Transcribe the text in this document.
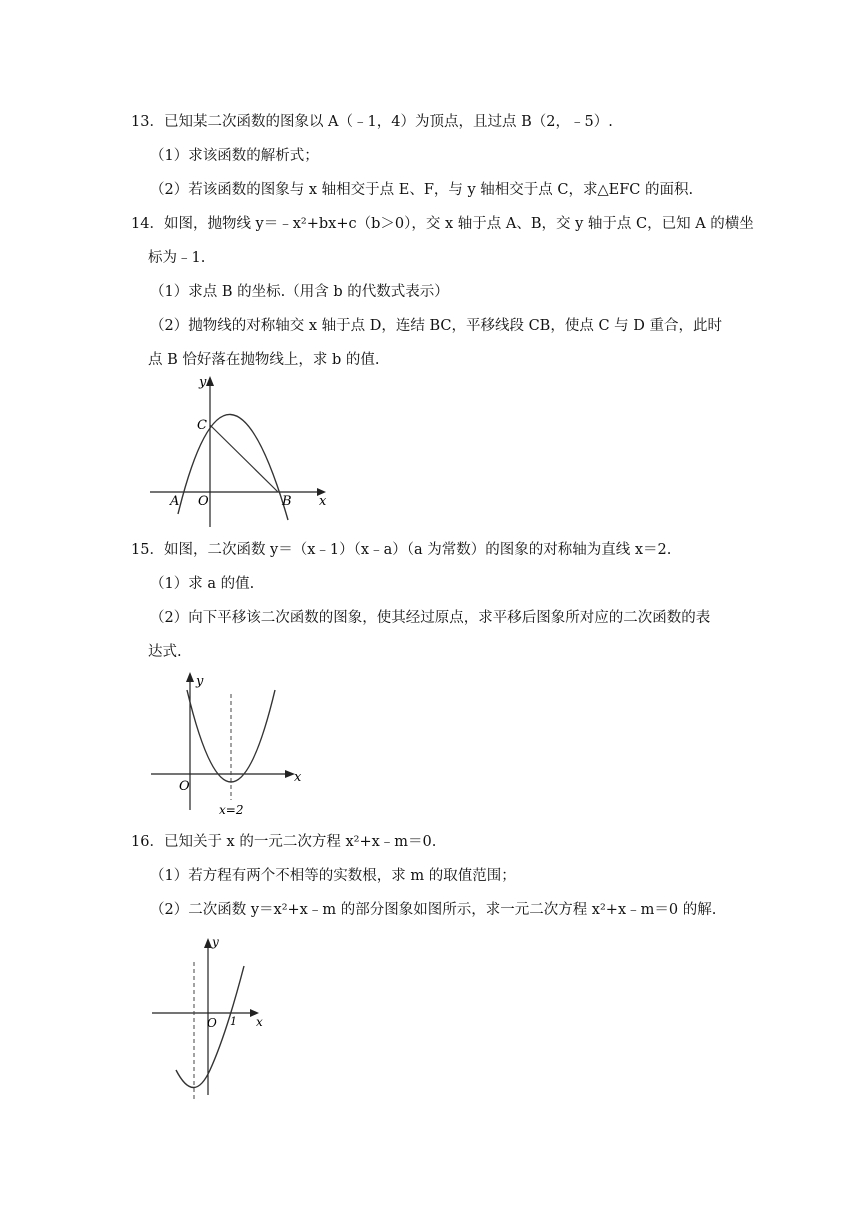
13．已知某二次函数的图象以 A（﹣1，4）为顶点，且过点 B（2，﹣5）.
（1）求该函数的解析式；
（2）若该函数的图象与 x 轴相交于点 E、F，与 y 轴相交于点 C，求△EFC 的面积.
14．如图，抛物线 y＝﹣x²+bx+c（b＞0），交 x 轴于点 A、B，交 y 轴于点 C，已知 A 的横坐
标为﹣1.
（1）求点 B 的坐标.（用含 b 的代数式表示）
（2）抛物线的对称轴交 x 轴于点 D，连结 BC，平移线段 CB，使点 C 与 D 重合，此时
点 B 恰好落在抛物线上，求 b 的值.
y
x
C
A O	B
15．如图，二次函数 y＝（x﹣1）（x﹣a）（a 为常数）的图象的对称轴为直线 x＝2.
（1）求 a 的值.
（2）向下平移该二次函数的图象，使其经过原点，求平移后图象所对应的二次函数的表
达式.
y
x
O
x=2
16．已知关于 x 的一元二次方程 x²+x﹣m＝0.
（1）若方程有两个不相等的实数根，求 m 的取值范围；
（2）二次函数 y＝x²+x﹣m 的部分图象如图所示，求一元二次方程 x²+x﹣m＝0 的解.
y
x
O 1
